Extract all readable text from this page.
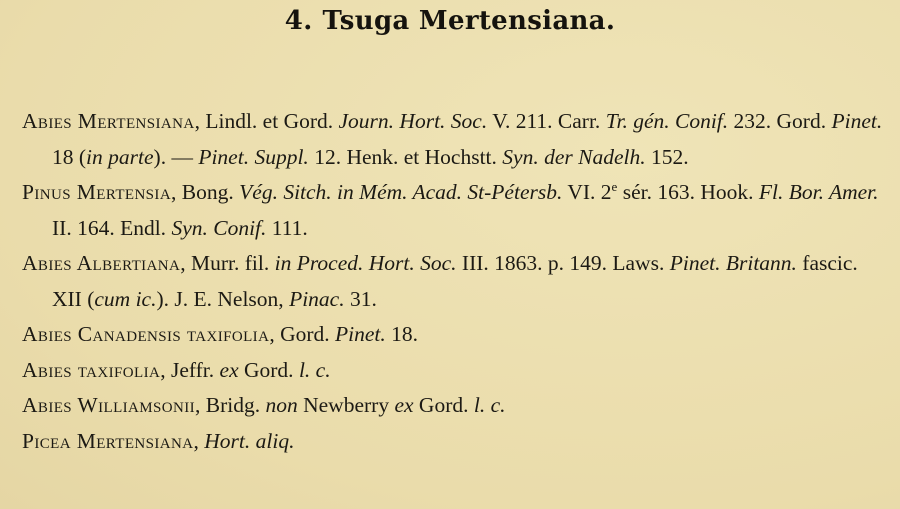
4. Tsuga Mertensiana.

Abies Mertensiana, Lindl. et Gord. Journ. Hort. Soc. V. 211. Carr. Tr. gén. Conif. 232. Gord. Pinet. 18 (in parte). — Pinet. Suppl. 12. Henk. et Hochstt. Syn. der Nadelh. 152.

Pinus Mertensia, Bong. Vég. Sitch. in Mém. Acad. St-Pétersb. VI. 2e sér. 163. Hook. Fl. Bor. Amer. II. 164. Endl. Syn. Conif. 111.

Abies Albertiana, Murr. fil. in Proced. Hort. Soc. III. 1863. p. 149. Laws. Pinet. Britann. fascic. XII (cum ic.). J. E. Nelson, Pinac. 31.

Abies Canadensis taxifolia, Gord. Pinet. 18.

Abies taxifolia, Jeffr. ex Gord. l. c.

Abies Williamsonii, Bridg. non Newberry ex Gord. l. c.

Picea Mertensiana, Hort. aliq.
